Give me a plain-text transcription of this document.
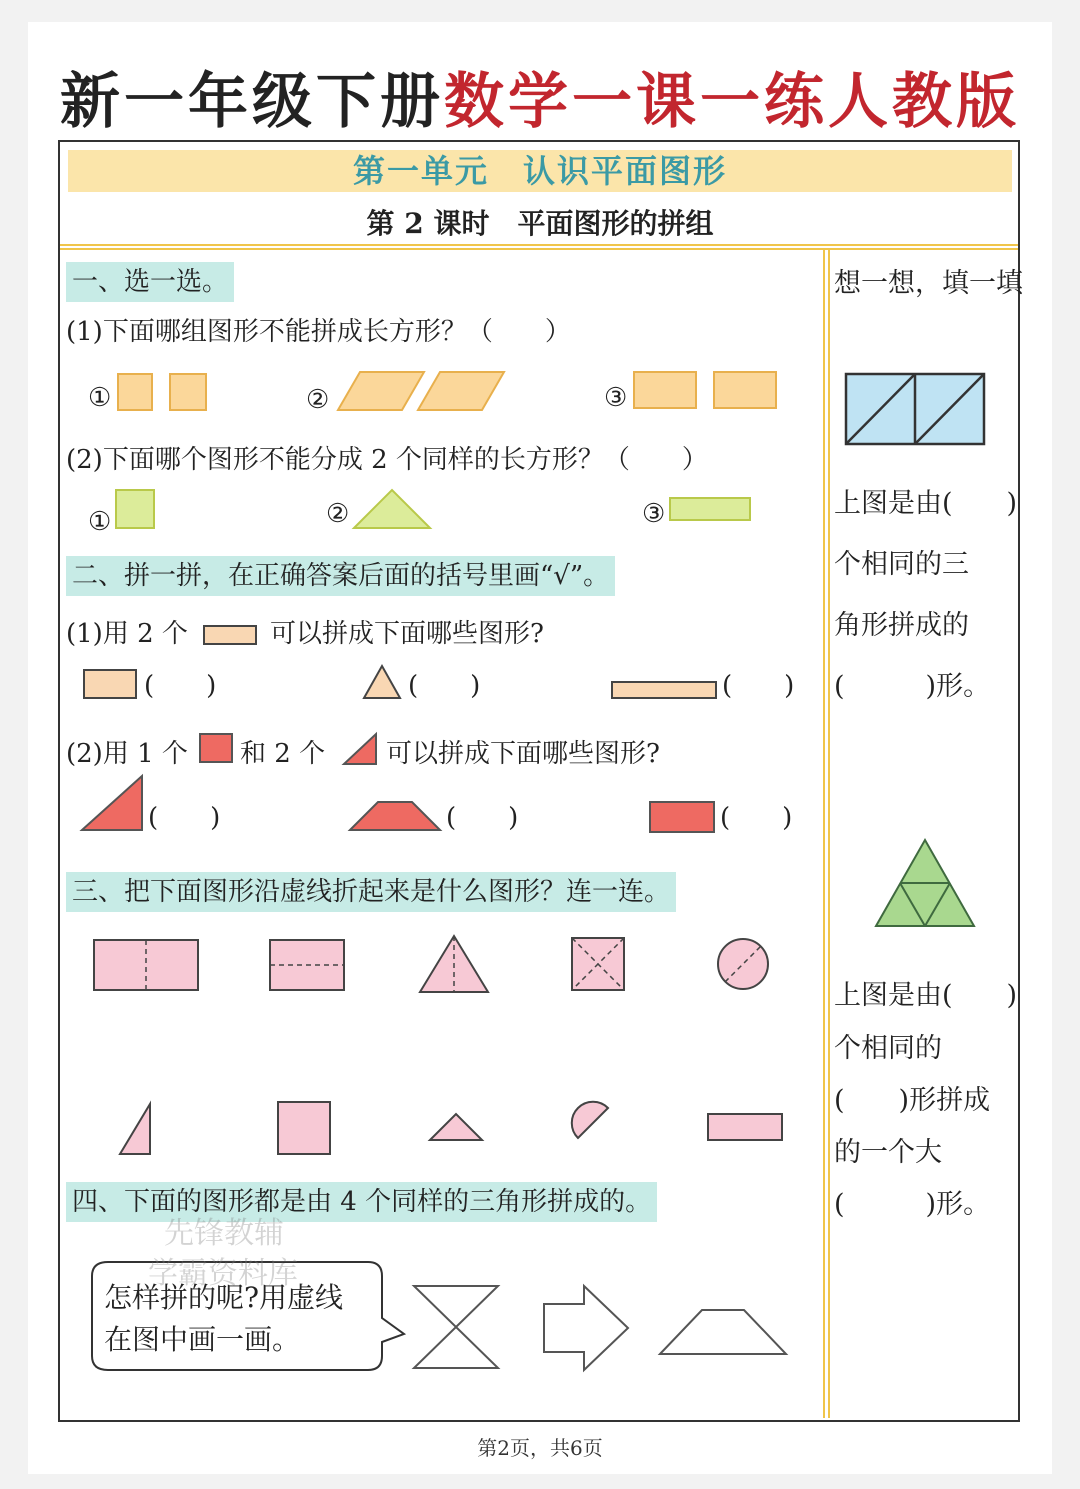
新一年级下册数学一课一练人教版
第一单元　认识平面图形
第 2 课时　平面图形的拼组
一、选一选。
(1)下面哪组图形不能拼成长方形？（　　）
①	②	③
(2)下面哪个图形不能分成 2 个同样的长方形？（　　）
①	②	③
二、拼一拼，在正确答案后面的括号里画“√”。
(1)用 2 个	可以拼成下面哪些图形?
(　　)	(　　)	(　　)
(2)用 1 个 和 2 个 可以拼成下面哪些图形?
(　　)	(　　)	(　　)
三、把下面图形沿虚线折起来是什么图形？连一连。
四、下面的图形都是由 4 个同样的三角形拼成的。
怎样拼的呢?用虚线
在图中画一画。
想一想，填一填
上图是由(　　)
个相同的三
角形拼成的
(　　　)形。
上图是由(　　)
个相同的
(　　)形拼成
的一个大
(　　　)形。
先锋教辅
学霸资料库
第2页，共6页
